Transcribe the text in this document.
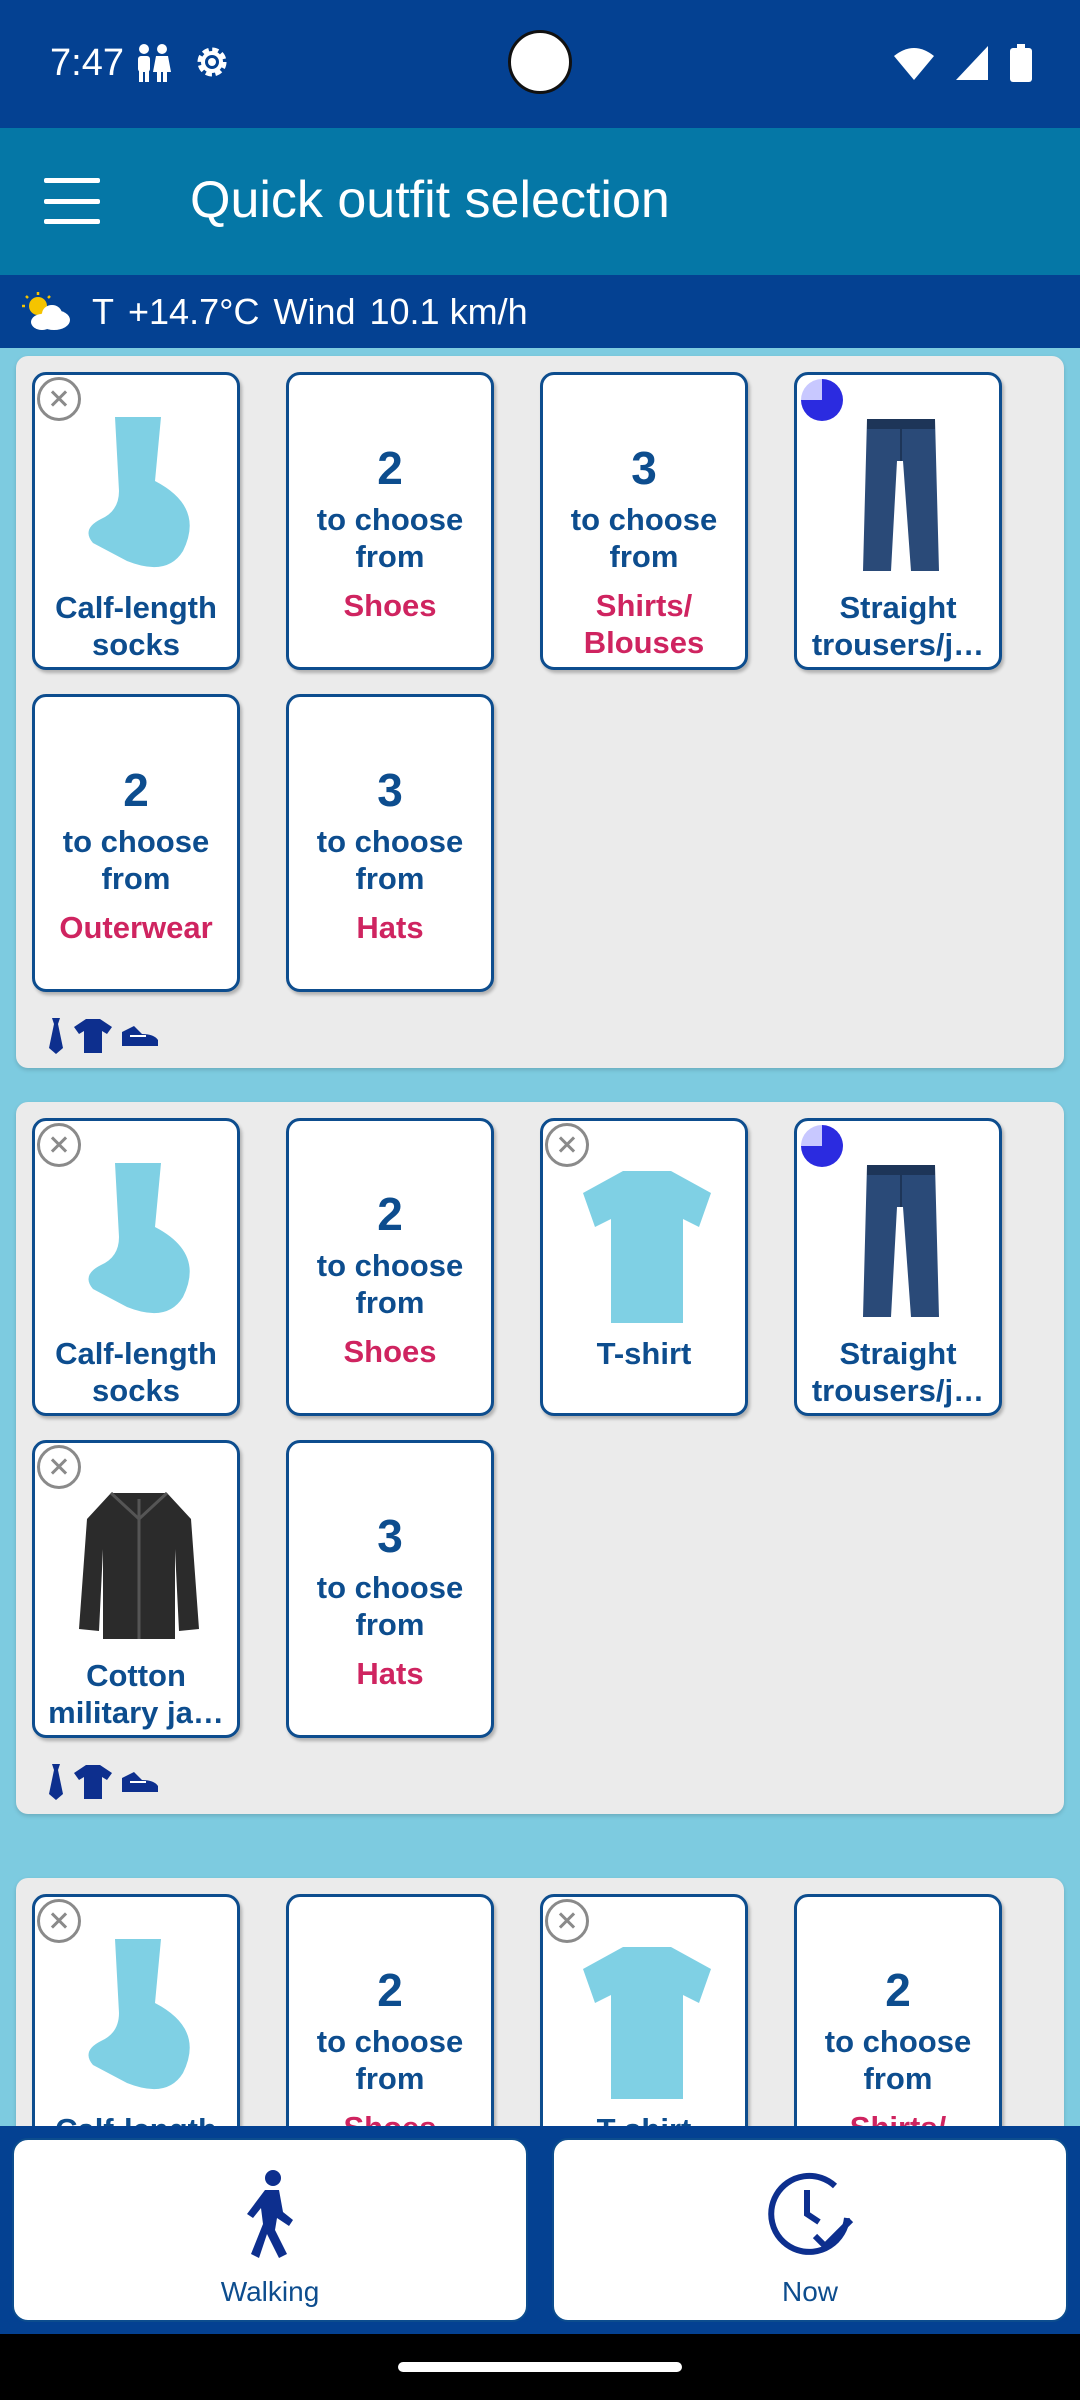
7:47
Quick outfit selection
T +14.7°C Wind 10.1 km/h
Calf-length socks
2
to choose from
Shoes
3
to choose from
Shirts/ Blouses
Straight trousers/j…
2
to choose from
Outerwear
3
to choose from
Hats
Calf-length socks
2
to choose from
Shoes	T-shirt	Straight trousers/j…
Cotton military ja…
3
to choose from
Hats
2
to choose from
2
to choose from
Walking	Now
